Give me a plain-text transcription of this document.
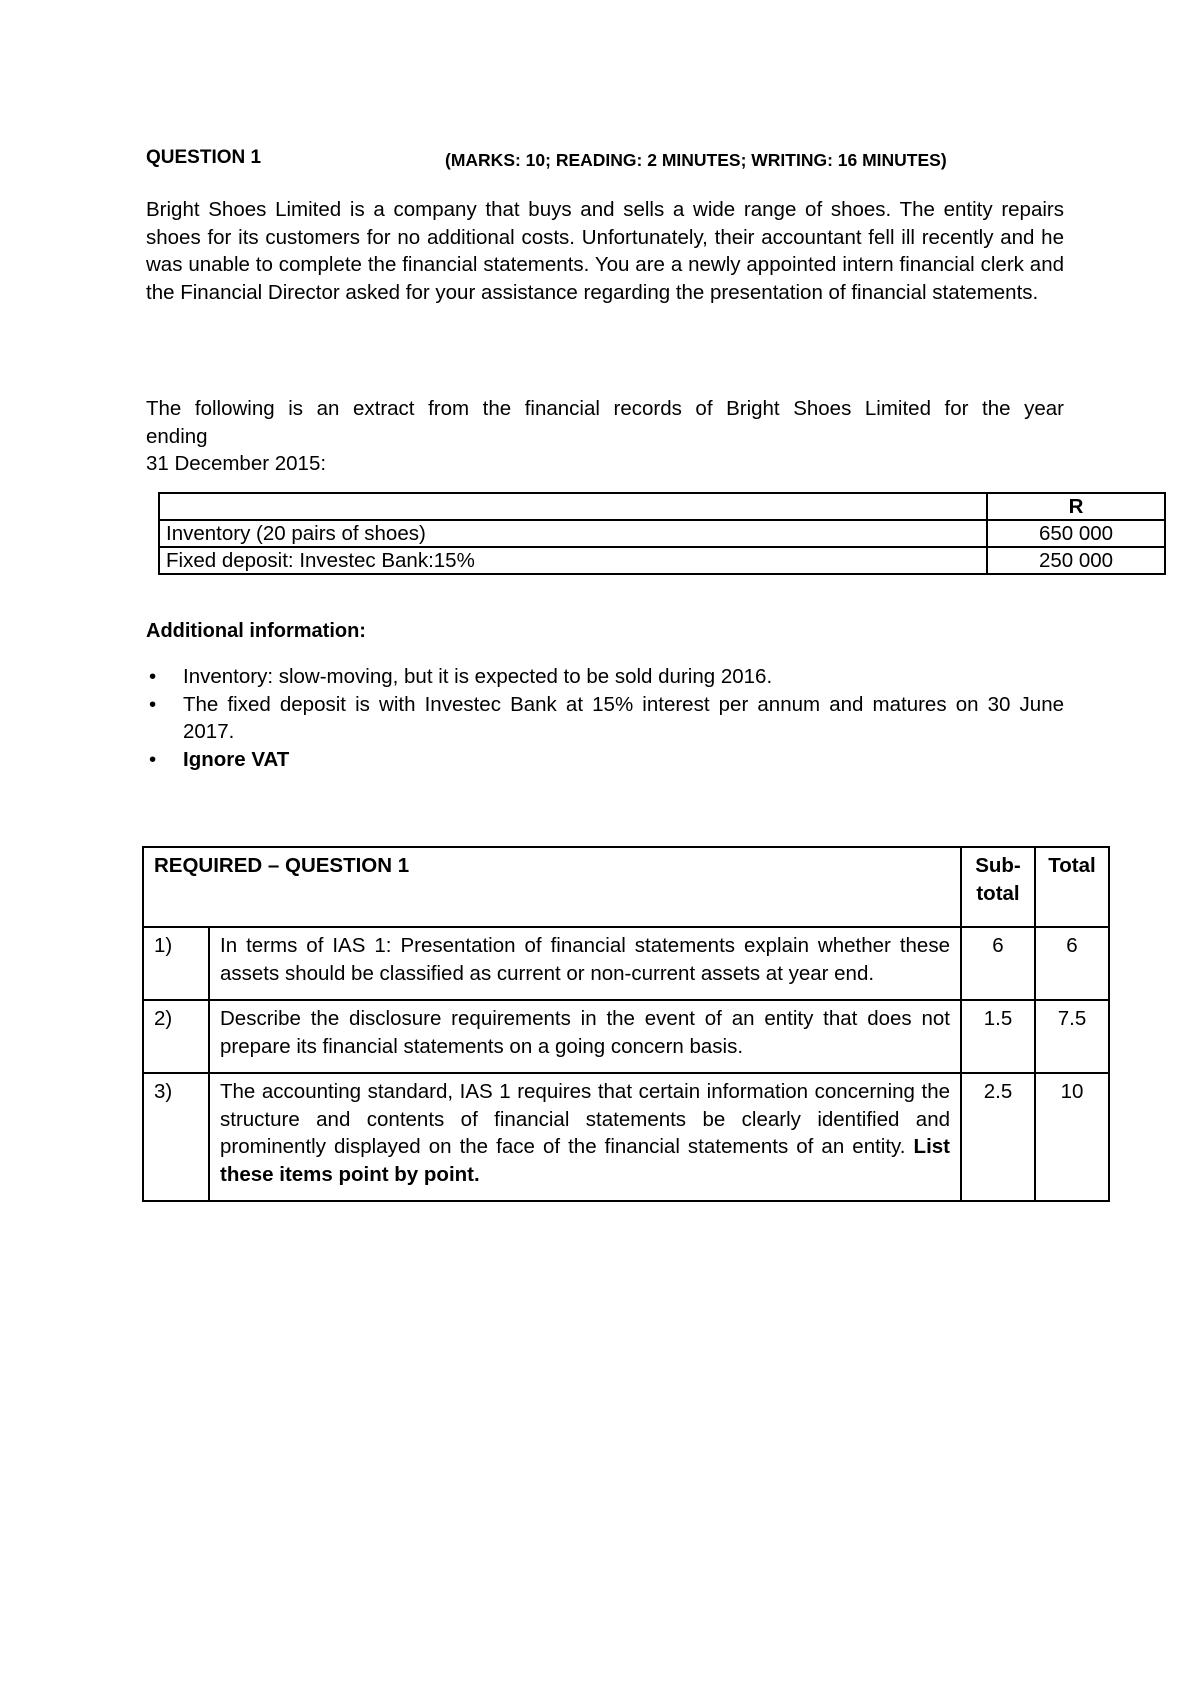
QUESTION 1	(MARKS: 10; READING: 2 MINUTES; WRITING: 16 MINUTES)
Bright Shoes Limited is a company that buys and sells a wide range of shoes. The entity repairs shoes for its customers for no additional costs. Unfortunately, their accountant fell ill recently and he was unable to complete the financial statements. You are a newly appointed intern financial clerk and the Financial Director asked for your assistance regarding the presentation of financial statements.
The following is an extract from the financial records of Bright Shoes Limited for the year
ending
31 December 2015:
	R
Inventory (20 pairs of shoes)	650 000
Fixed deposit: Investec Bank:15%	250 000
Additional information:
• Inventory: slow-moving, but it is expected to be sold during 2016.
• The fixed deposit is with Investec Bank at 15% interest per annum and matures on 30 June 2017.
• Ignore VAT
REQUIRED – QUESTION 1		Sub-total	Total
1)	In terms of IAS 1: Presentation of financial statements explain whether these assets should be classified as current or non-current assets at year end.	6	6
2)	Describe the disclosure requirements in the event of an entity that does not prepare its financial statements on a going concern basis.	1.5	7.5
3)	The accounting standard, IAS 1 requires that certain information concerning the structure and contents of financial statements be clearly identified and prominently displayed on the face of the financial statements of an entity. List these items point by point.	2.5	10
